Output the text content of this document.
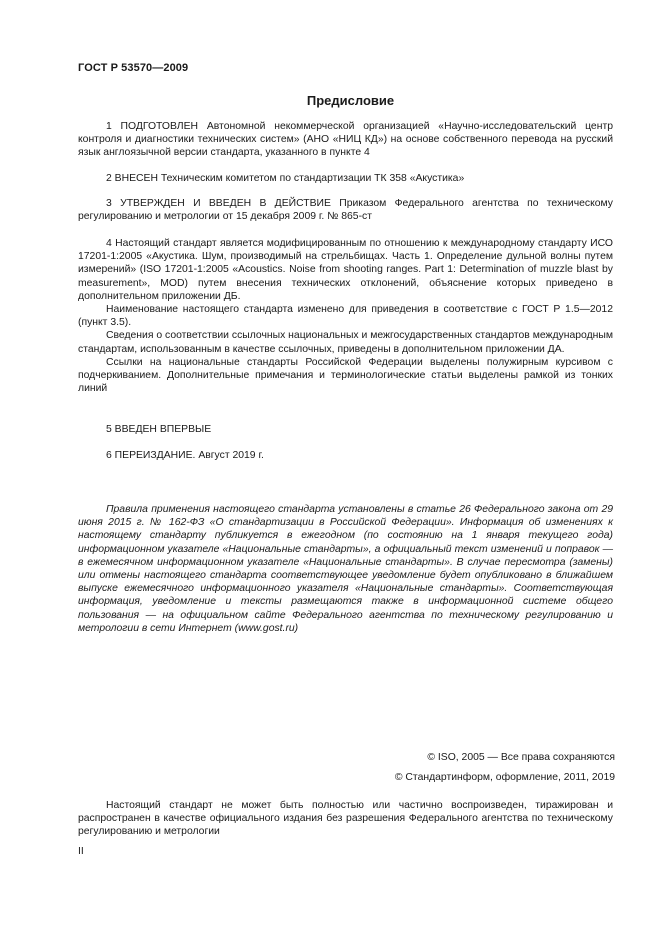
ГОСТ Р 53570—2009
Предисловие

1 ПОДГОТОВЛЕН Автономной некоммерческой организацией «Научно-исследовательский центр контроля и диагностики технических систем» (АНО «НИЦ КД») на основе собственного перевода на русский язык англоязычной версии стандарта, указанного в пункте 4

2 ВНЕСЕН Техническим комитетом по стандартизации ТК 358 «Акустика»

3 УТВЕРЖДЕН И ВВЕДЕН В ДЕЙСТВИЕ Приказом Федерального агентства по техническому регулированию и метрологии от 15 декабря 2009 г. № 865-ст

4 Настоящий стандарт является модифицированным по отношению к международному стандарту ИСО 17201-1:2005 «Акустика. Шум, производимый на стрельбищах. Часть 1. Определение дульной волны путем измерений» (ISO 17201-1:2005 «Acoustics. Noise from shooting ranges. Part 1: Determination of muzzle blast by measurement», MOD) путем внесения технических отклонений, объяснение которых приведено в дополнительном приложении ДБ.

Наименование настоящего стандарта изменено для приведения в соответствие с ГОСТ Р 1.5—2012 (пункт 3.5).

Сведения о соответствии ссылочных национальных и межгосударственных стандартов международным стандартам, использованным в качестве ссылочных, приведены в дополнительном приложении ДА.

Ссылки на национальные стандарты Российской Федерации выделены полужирным курсивом с подчеркиванием. Дополнительные примечания и терминологические статьи выделены рамкой из тонких линий

5 ВВЕДЕН ВПЕРВЫЕ

6 ПЕРЕИЗДАНИЕ. Август 2019 г.

Правила применения настоящего стандарта установлены в статье 26 Федерального закона от 29 июня 2015 г. № 162-ФЗ «О стандартизации в Российской Федерации». Информация об изменениях к настоящему стандарту публикуется в ежегодном (по состоянию на 1 января текущего года) информационном указателе «Национальные стандарты», а официальный текст изменений и поправок — в ежемесячном информационном указателе «Национальные стандарты». В случае пересмотра (замены) или отмены настоящего стандарта соответствующее уведомление будет опубликовано в ближайшем выпуске ежемесячного информационного указателя «Национальные стандарты». Соответствующая информация, уведомление и тексты размещаются также в информационной системе общего пользования — на официальном сайте Федерального агентства по техническому регулированию и метрологии в сети Интернет (www.gost.ru)

© ISO, 2005 — Все права сохраняются
© Стандартинформ, оформление, 2011, 2019

Настоящий стандарт не может быть полностью или частично воспроизведен, тиражирован и распространен в качестве официального издания без разрешения Федерального агентства по техническому регулированию и метрологии

II
